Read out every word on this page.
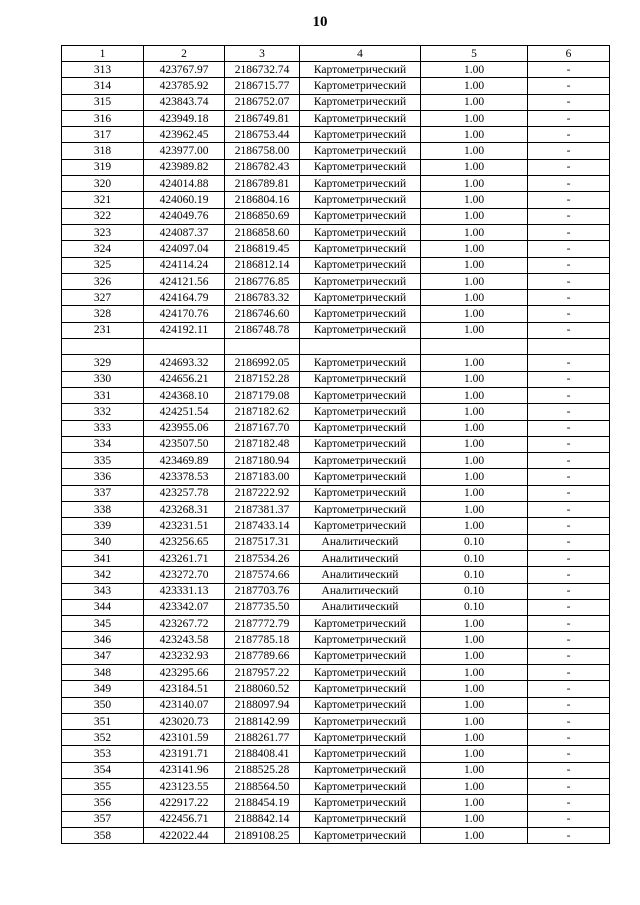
10
1	2	3	4	5	6
313	423767.97	2186732.74	Картометрический	1.00	-
314	423785.92	2186715.77	Картометрический	1.00	-
315	423843.74	2186752.07	Картометрический	1.00	-
316	423949.18	2186749.81	Картометрический	1.00	-
317	423962.45	2186753.44	Картометрический	1.00	-
318	423977.00	2186758.00	Картометрический	1.00	-
319	423989.82	2186782.43	Картометрический	1.00	-
320	424014.88	2186789.81	Картометрический	1.00	-
321	424060.19	2186804.16	Картометрический	1.00	-
322	424049.76	2186850.69	Картометрический	1.00	-
323	424087.37	2186858.60	Картометрический	1.00	-
324	424097.04	2186819.45	Картометрический	1.00	-
325	424114.24	2186812.14	Картометрический	1.00	-
326	424121.56	2186776.85	Картометрический	1.00	-
327	424164.79	2186783.32	Картометрический	1.00	-
328	424170.76	2186746.60	Картометрический	1.00	-
231	424192.11	2186748.78	Картометрический	1.00	-

329	424693.32	2186992.05	Картометрический	1.00	-
330	424656.21	2187152.28	Картометрический	1.00	-
331	424368.10	2187179.08	Картометрический	1.00	-
332	424251.54	2187182.62	Картометрический	1.00	-
333	423955.06	2187167.70	Картометрический	1.00	-
334	423507.50	2187182.48	Картометрический	1.00	-
335	423469.89	2187180.94	Картометрический	1.00	-
336	423378.53	2187183.00	Картометрический	1.00	-
337	423257.78	2187222.92	Картометрический	1.00	-
338	423268.31	2187381.37	Картометрический	1.00	-
339	423231.51	2187433.14	Картометрический	1.00	-
340	423256.65	2187517.31	Аналитический	0.10	-
341	423261.71	2187534.26	Аналитический	0.10	-
342	423272.70	2187574.66	Аналитический	0.10	-
343	423331.13	2187703.76	Аналитический	0.10	-
344	423342.07	2187735.50	Аналитический	0.10	-
345	423267.72	2187772.79	Картометрический	1.00	-
346	423243.58	2187785.18	Картометрический	1.00	-
347	423232.93	2187789.66	Картометрический	1.00	-
348	423295.66	2187957.22	Картометрический	1.00	-
349	423184.51	2188060.52	Картометрический	1.00	-
350	423140.07	2188097.94	Картометрический	1.00	-
351	423020.73	2188142.99	Картометрический	1.00	-
352	423101.59	2188261.77	Картометрический	1.00	-
353	423191.71	2188408.41	Картометрический	1.00	-
354	423141.96	2188525.28	Картометрический	1.00	-
355	423123.55	2188564.50	Картометрический	1.00	-
356	422917.22	2188454.19	Картометрический	1.00	-
357	422456.71	2188842.14	Картометрический	1.00	-
358	422022.44	2189108.25	Картометрический	1.00	-
